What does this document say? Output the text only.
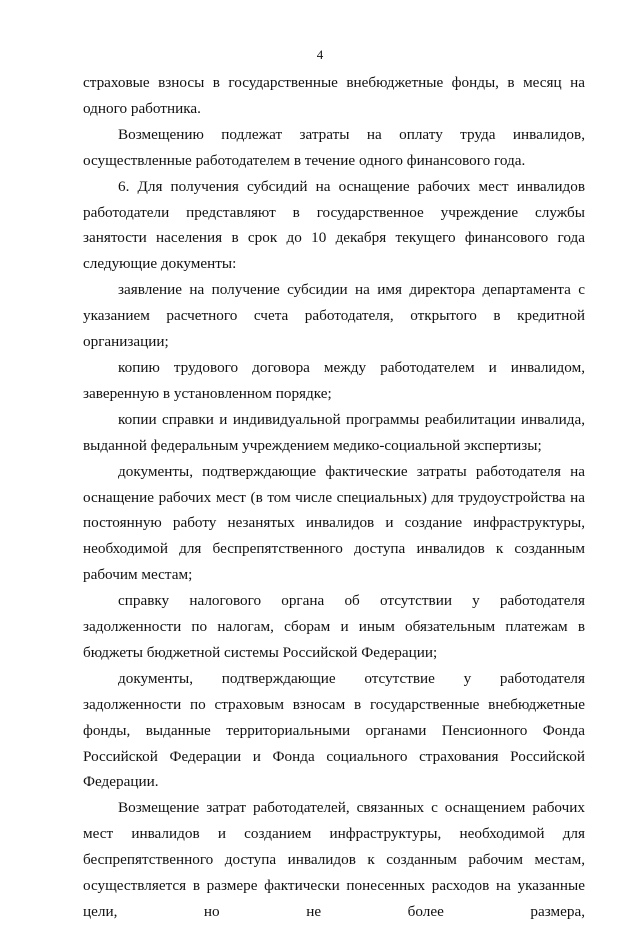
4

страховые взносы в государственные внебюджетные фонды, в месяц на одного работника.

Возмещению подлежат затраты на оплату труда инвалидов, осуществленные работодателем в течение одного финансового года.

6. Для получения субсидий на оснащение рабочих мест инвалидов работодатели представляют в государственное учреждение службы занятости населения в срок до 10 декабря текущего финансового года следующие документы:

заявление на получение субсидии на имя директора департамента с указанием расчетного счета работодателя, открытого в кредитной организации;

копию трудового договора между работодателем и инвалидом, заверенную в установленном порядке;

копии справки и индивидуальной программы реабилитации инвалида, выданной федеральным учреждением медико-социальной экспертизы;

документы, подтверждающие фактические затраты работодателя на оснащение рабочих мест (в том числе специальных) для трудоустройства на постоянную работу незанятых инвалидов и создание инфраструктуры, необходимой для беспрепятственного доступа инвалидов к созданным рабочим местам;

справку налогового органа об отсутствии у работодателя задолженности по налогам, сборам и иным обязательным платежам в бюджеты бюджетной системы Российской Федерации;

документы, подтверждающие отсутствие у работодателя задолженности по страховым взносам в государственные внебюджетные фонды, выданные территориальными органами Пенсионного Фонда Российской Федерации и Фонда социального страхования Российской Федерации.

Возмещение затрат работодателей, связанных с оснащением рабочих мест инвалидов и созданием инфраструктуры, необходимой для беспрепятственного доступа инвалидов к созданным рабочим местам, осуществляется в размере фактически понесенных расходов на указанные цели, но не более размера,
